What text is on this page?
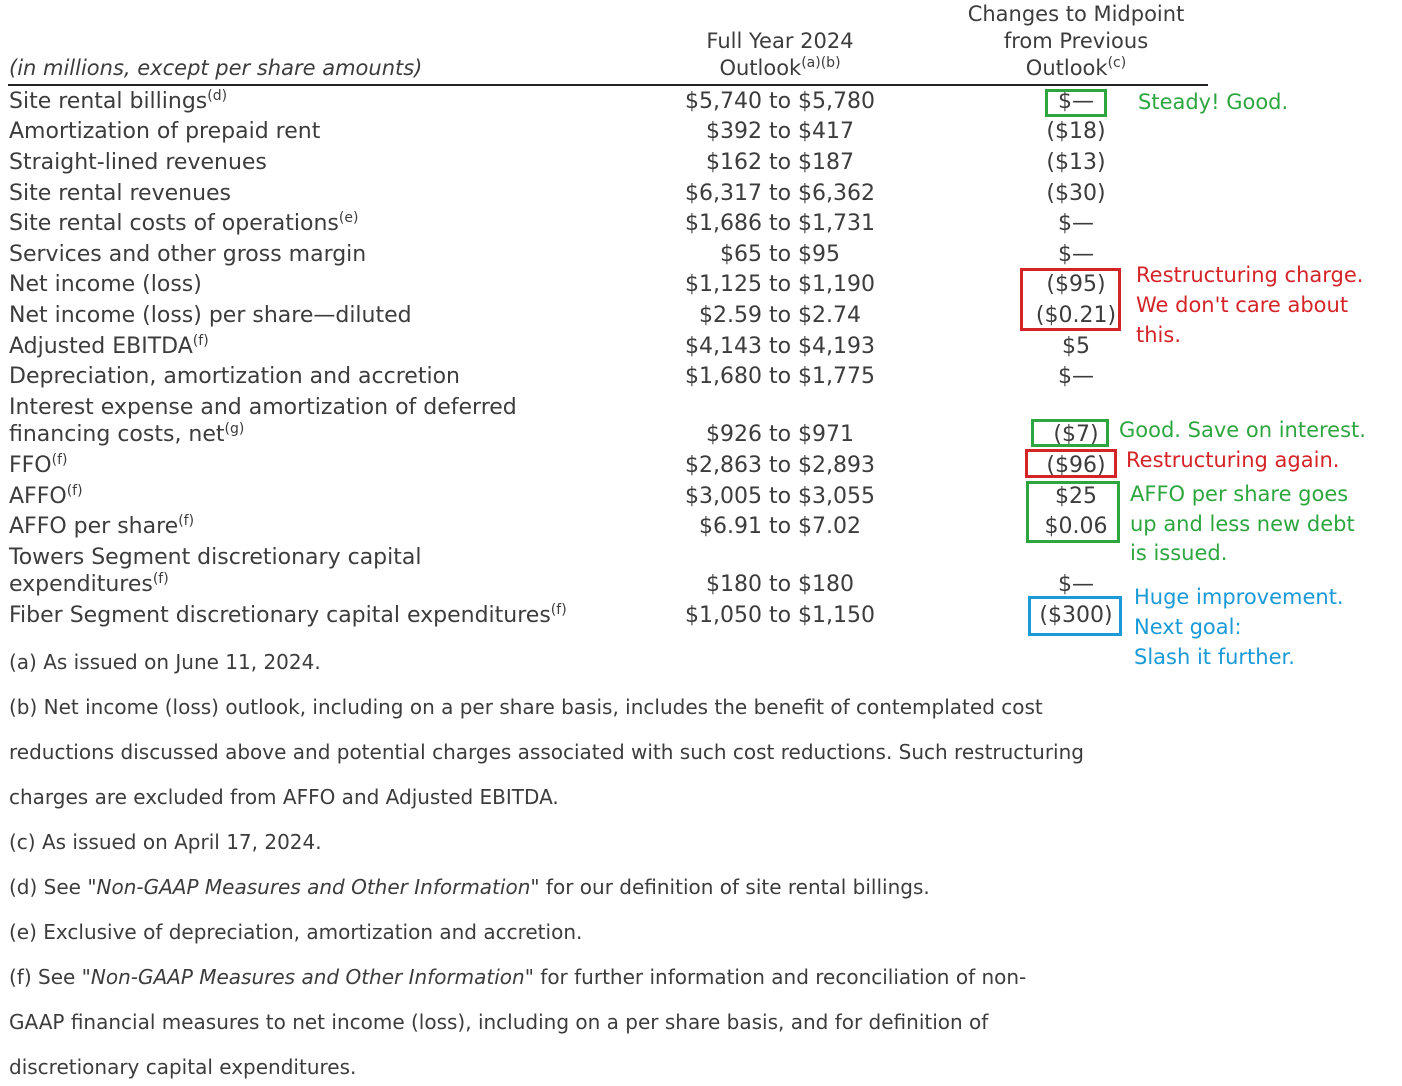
(in millions, except per share amounts)
Full Year 2024
Outlook$^{(a)(b)}$
Changes to Midpoint
from Previous
Outlook$^{(c)}$
Site rental billings$^{(d)}$	$5,740 to $5,780	$—
Amortization of prepaid rent	$392 to $417	($18)
Straight-lined revenues	$162 to $187	($13)
Site rental revenues	$6,317 to $6,362	($30)
Site rental costs of operations$^{(e)}$	$1,686 to $1,731	$—
Services and other gross margin	$65 to $95	$—
Net income (loss)	$1,125 to $1,190	($95)
Net income (loss) per share—diluted	$2.59 to $2.74	($0.21)
Adjusted EBITDA$^{(f)}$	$4,143 to $4,193	$5
Depreciation, amortization and accretion	$1,680 to $1,775	$—
Interest expense and amortization of deferred
financing costs, net$^{(g)}$	$926 to $971	($7)
FFO$^{(f)}$	$2,863 to $2,893	($96)
AFFO$^{(f)}$	$3,005 to $3,055	$25
AFFO per share$^{(f)}$	$6.91 to $7.02	$0.06
Towers Segment discretionary capital
expenditures$^{(f)}$	$180 to $180	$—
Fiber Segment discretionary capital expenditures$^{(f)}$	$1,050 to $1,150	($300)
Steady! Good.
Restructuring charge.
We don't care about
this.
Good. Save on interest.
Restructuring again.
AFFO per share goes
up and less new debt
is issued.
Huge improvement.
Next goal:
Slash it further.
(a) As issued on June 11, 2024.
(b) Net income (loss) outlook, including on a per share basis, includes the benefit of contemplated cost
reductions discussed above and potential charges associated with such cost reductions. Such restructuring
charges are excluded from AFFO and Adjusted EBITDA.
(c) As issued on April 17, 2024.
(d) See "Non-GAAP Measures and Other Information" for our definition of site rental billings.
(e) Exclusive of depreciation, amortization and accretion.
(f) See "Non-GAAP Measures and Other Information" for further information and reconciliation of non-
GAAP financial measures to net income (loss), including on a per share basis, and for definition of
discretionary capital expenditures.
